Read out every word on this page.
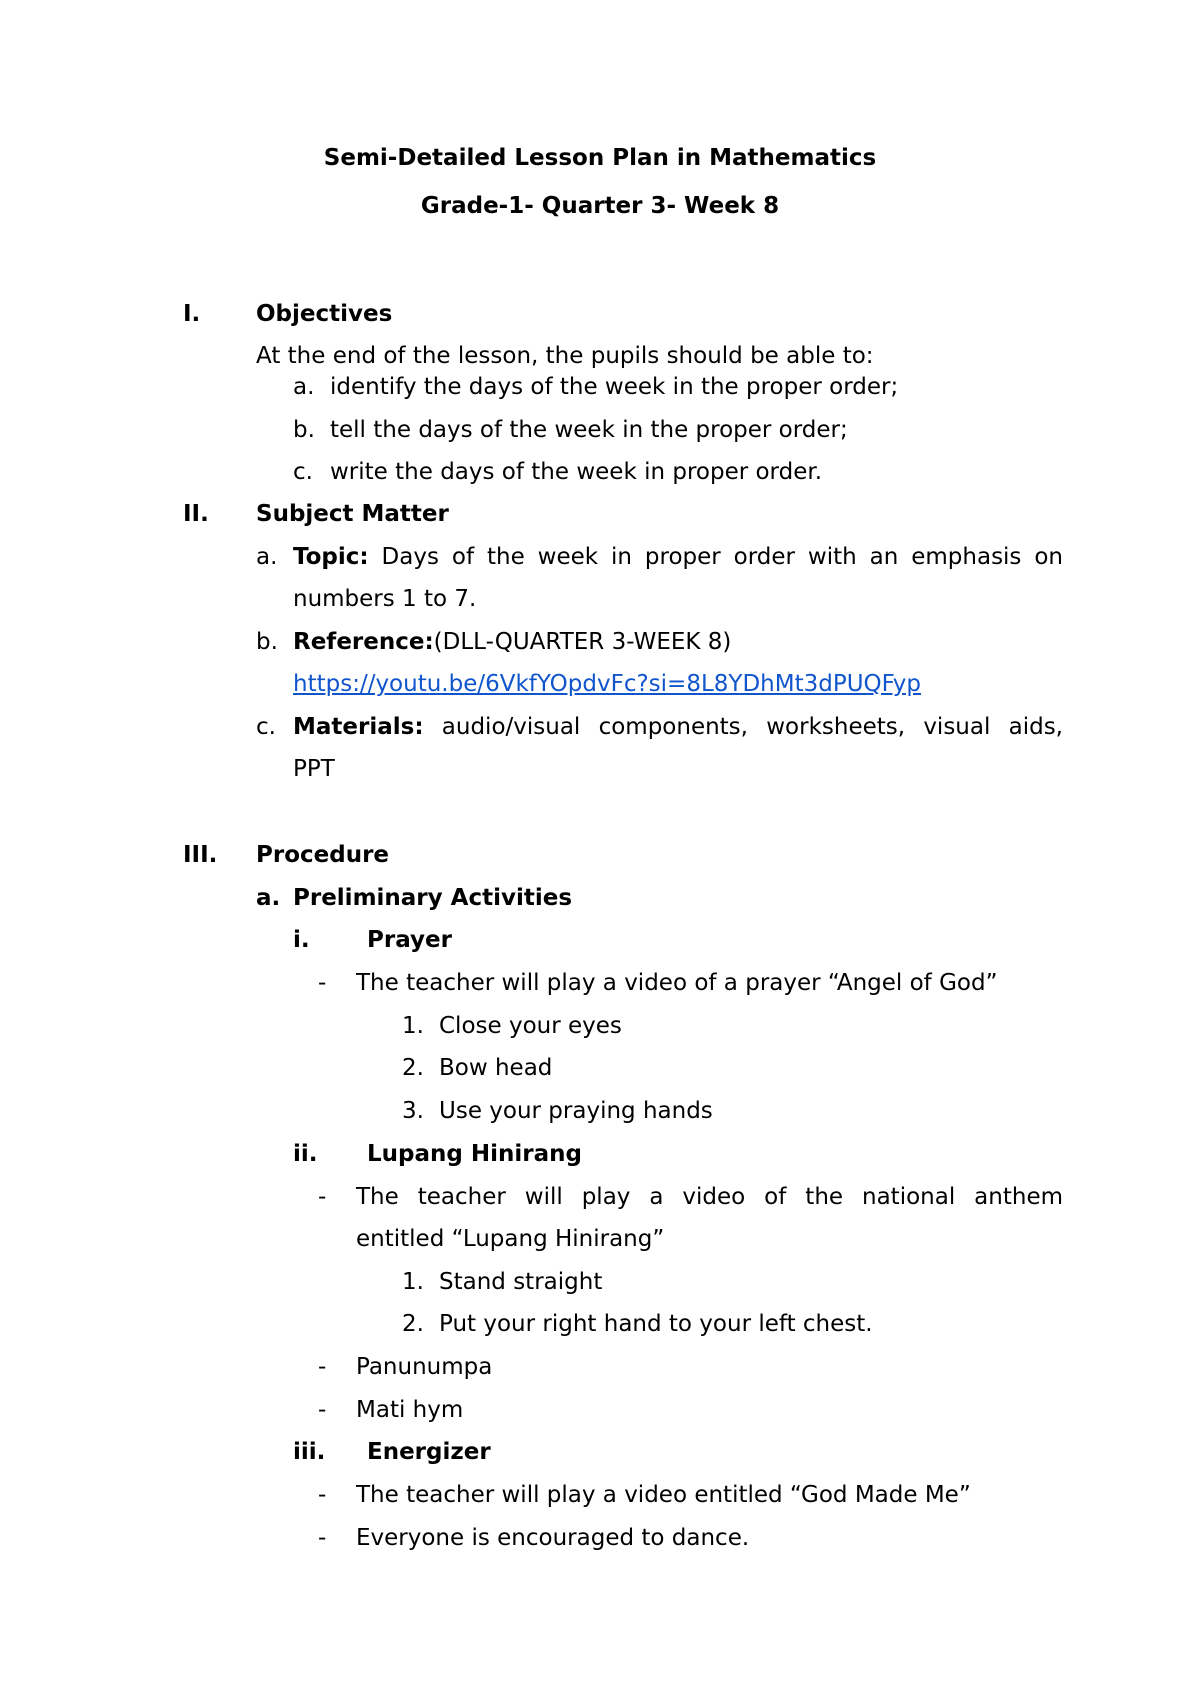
Semi-Detailed Lesson Plan in Mathematics
Grade-1- Quarter 3- Week 8
I. Objectives
At the end of the lesson, the pupils should be able to:
a. identify the days of the week in the proper order;
b. tell the days of the week in the proper order;
c. write the days of the week in proper order.
II. Subject Matter
a. Topic: Days of the week in proper order with an emphasis on
numbers 1 to 7.
b. Reference:(DLL-QUARTER 3-WEEK 8)
https://youtu.be/6VkfYOpdvFc?si=8L8YDhMt3dPUQFyp
c. Materials: audio/visual components, worksheets, visual aids,
PPT
III. Procedure
a. Preliminary Activities
i. Prayer
- The teacher will play a video of a prayer “Angel of God”
1. Close your eyes
2. Bow head
3. Use your praying hands
ii. Lupang Hinirang
- The teacher will play a video of the national anthem
entitled “Lupang Hinirang”
1. Stand straight
2. Put your right hand to your left chest.
- Panunumpa
- Mati hym
iii. Energizer
- The teacher will play a video entitled “God Made Me”
- Everyone is encouraged to dance.
